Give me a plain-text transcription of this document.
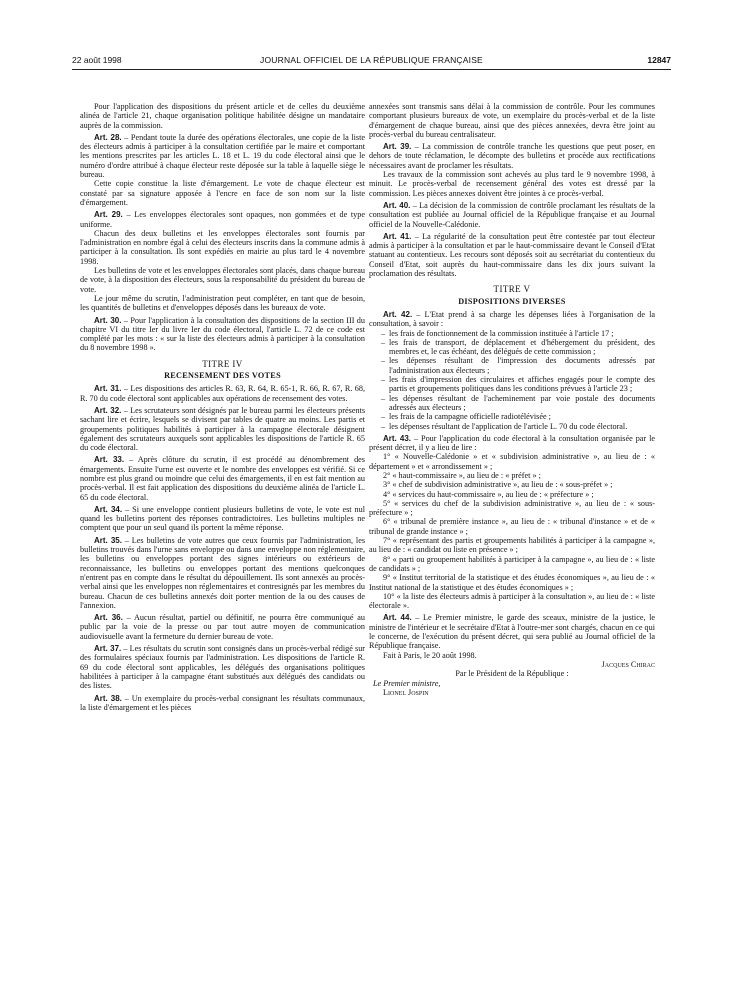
22 août 1998	JOURNAL OFFICIEL DE LA RÉPUBLIQUE FRANÇAISE	12847

Pour l'application des dispositions du présent article et de celles du deuxième alinéa de l'article 21, chaque organisation politique habilitée désigne un mandataire auprès de la commission.

Art. 28. – Pendant toute la durée des opérations électorales, une copie de la liste des électeurs admis à participer à la consultation certifiée par le maire et comportant les mentions prescrites par les articles L. 18 et L. 19 du code électoral ainsi que le numéro d'ordre attribué à chaque électeur reste déposée sur la table à laquelle siège le bureau.

Cette copie constitue la liste d'émargement. Le vote de chaque électeur est constaté par sa signature apposée à l'encre en face de son nom sur la liste d'émargement.

Art. 29. – Les enveloppes électorales sont opaques, non gommées et de type uniforme.

Chacun des deux bulletins et les enveloppes électorales sont fournis par l'administration en nombre égal à celui des électeurs inscrits dans la commune admis à participer à la consultation. Ils sont expédiés en mairie au plus tard le 4 novembre 1998.

Les bulletins de vote et les enveloppes électorales sont placés, dans chaque bureau de vote, à la disposition des électeurs, sous la responsabilité du président du bureau de vote.

Le jour même du scrutin, l'administration peut compléter, en tant que de besoin, les quantités de bulletins et d'enveloppes déposés dans les bureaux de vote.

Art. 30. – Pour l'application à la consultation des dispositions de la section III du chapitre VI du titre Ier du livre Ier du code électoral, l'article L. 72 de ce code est complété par les mots : « sur la liste des électeurs admis à participer à la consultation du 8 novembre 1998 ».

TITRE IV

RECENSEMENT DES VOTES

Art. 31. – Les dispositions des articles R. 63, R. 64, R. 65-1, R. 66, R. 67, R. 68, R. 70 du code électoral sont applicables aux opérations de recensement des votes.

Art. 32. – Les scrutateurs sont désignés par le bureau parmi les électeurs présents sachant lire et écrire, lesquels se divisent par tables de quatre au moins. Les partis et groupements politiques habilités à participer à la campagne électorale désignent également des scrutateurs auxquels sont applicables les dispositions de l'article R. 65 du code électoral.

Art. 33. – Après clôture du scrutin, il est procédé au dénombrement des émargements. Ensuite l'urne est ouverte et le nombre des enveloppes est vérifié. Si ce nombre est plus grand ou moindre que celui des émargements, il en est fait mention au procès-verbal. Il est fait application des dispositions du deuxième alinéa de l'article L. 65 du code électoral.

Art. 34. – Si une enveloppe contient plusieurs bulletins de vote, le vote est nul quand les bulletins portent des réponses contradictoires. Les bulletins multiples ne comptent que pour un seul quand ils portent la même réponse.

Art. 35. – Les bulletins de vote autres que ceux fournis par l'administration, les bulletins trouvés dans l'urne sans enveloppe ou dans une enveloppe non réglementaire, les bulletins ou enveloppes portant des signes intérieurs ou extérieurs de reconnaissance, les bulletins ou enveloppes portant des mentions quelconques n'entrent pas en compte dans le résultat du dépouillement. Ils sont annexés au procès-verbal ainsi que les enveloppes non réglementaires et contresignés par les membres du bureau. Chacun de ces bulletins annexés doit porter mention de la ou des causes de l'annexion.

Art. 36. – Aucun résultat, partiel ou définitif, ne pourra être communiqué au public par la voie de la presse ou par tout autre moyen de communication audiovisuelle avant la fermeture du dernier bureau de vote.

Art. 37. – Les résultats du scrutin sont consignés dans un procès-verbal rédigé sur des formulaires spéciaux fournis par l'administration. Les dispositions de l'article R. 69 du code électoral sont applicables, les délégués des organisations politiques habilitées à participer à la campagne étant substitués aux délégués des candidats ou des listes.

Art. 38. – Un exemplaire du procès-verbal consignant les résultats communaux, la liste d'émargement et les pièces

annexées sont transmis sans délai à la commission de contrôle. Pour les communes comportant plusieurs bureaux de vote, un exemplaire du procès-verbal et de la liste d'émargement de chaque bureau, ainsi que des pièces annexées, devra être joint au procès-verbal du bureau centralisateur.

Art. 39. – La commission de contrôle tranche les questions que peut poser, en dehors de toute réclamation, le décompte des bulletins et procède aux rectifications nécessaires avant de proclamer les résultats.

Les travaux de la commission sont achevés au plus tard le 9 novembre 1998, à minuit. Le procès-verbal de recensement général des votes est dressé par la commission. Les pièces annexes doivent être jointes à ce procès-verbal.

Art. 40. – La décision de la commission de contrôle proclamant les résultats de la consultation est publiée au Journal officiel de la République française et au Journal officiel de la Nouvelle-Calédonie.

Art. 41. – La régularité de la consultation peut être contestée par tout électeur admis à participer à la consultation et par le haut-commissaire devant le Conseil d'Etat statuant au contentieux. Les recours sont déposés soit au secrétariat du contentieux du Conseil d'Etat, soit auprès du haut-commissaire dans les dix jours suivant la proclamation des résultats.

TITRE V

DISPOSITIONS DIVERSES

Art. 42. – L'Etat prend à sa charge les dépenses liées à l'organisation de la consultation, à savoir :

– les frais de fonctionnement de la commission instituée à l'article 17 ;

– les frais de transport, de déplacement et d'hébergement du président, des membres et, le cas échéant, des délégués de cette commission ;

– les dépenses résultant de l'impression des documents adressés par l'administration aux électeurs ;

– les frais d'impression des circulaires et affiches engagés pour le compte des partis et groupements politiques dans les conditions prévues à l'article 23 ;

– les dépenses résultant de l'acheminement par voie postale des documents adressés aux électeurs ;

– les frais de la campagne officielle radiotélévisée ;

– les dépenses résultant de l'application de l'article L. 70 du code électoral.

Art. 43. – Pour l'application du code électoral à la consultation organisée par le présent décret, il y a lieu de lire :

1° « Nouvelle-Calédonie » et « subdivision administrative », au lieu de : « département » et « arrondissement » ;

2° « haut-commissaire », au lieu de : « préfet » ;

3° « chef de subdivision administrative », au lieu de : « sous-préfet » ;

4° « services du haut-commissaire », au lieu de : « préfecture » ;

5° « services du chef de la subdivision administrative », au lieu de : « sous-préfecture » ;

6° « tribunal de première instance », au lieu de : « tribunal d'instance » et de « tribunal de grande instance » ;

7° « représentant des partis et groupements habilités à participer à la campagne », au lieu de : « candidat ou liste en présence » ;

8° « parti ou groupement habilités à participer à la campagne », au lieu de : « liste de candidats » ;

9° « Institut territorial de la statistique et des études économiques », au lieu de : « Institut national de la statistique et des études économiques » ;

10° « la liste des électeurs admis à participer à la consultation », au lieu de : « liste électorale ».

Art. 44. – Le Premier ministre, le garde des sceaux, ministre de la justice, le ministre de l'intérieur et le secrétaire d'Etat à l'outre-mer sont chargés, chacun en ce qui le concerne, de l'exécution du présent décret, qui sera publié au Journal officiel de la République française.

Fait à Paris, le 20 août 1998.

Jacques Chirac

Par le Président de la République :

Le Premier ministre,

Lionel Jospin
